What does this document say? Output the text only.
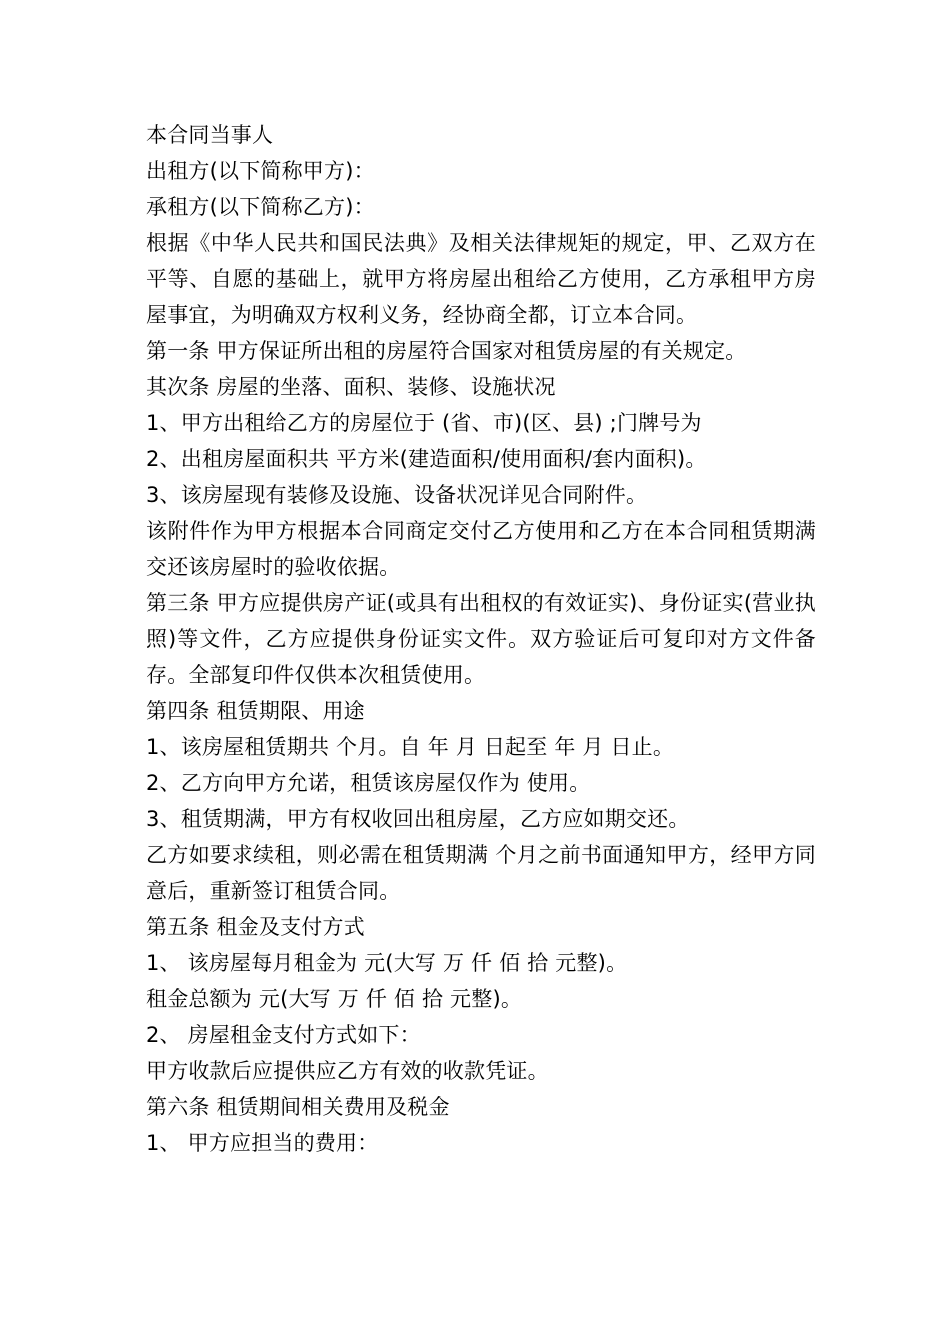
本合同当事人

出租方(以下简称甲方)：

承租方(以下简称乙方)：

根据《中华人民共和国民法典》及相关法律规矩的规定，甲、乙双方在平等、自愿的基础上，就甲方将房屋出租给乙方使用，乙方承租甲方房屋事宜，为明确双方权利义务，经协商全都，订立本合同。

第一条 甲方保证所出租的房屋符合国家对租赁房屋的有关规定。

其次条 房屋的坐落、面积、装修、设施状况

1、甲方出租给乙方的房屋位于 (省、市)(区、县) ;门牌号为

2、出租房屋面积共 平方米(建造面积/使用面积/套内面积)。

3、该房屋现有装修及设施、设备状况详见合同附件。

该附件作为甲方根据本合同商定交付乙方使用和乙方在本合同租赁期满交还该房屋时的验收依据。

第三条 甲方应提供房产证(或具有出租权的有效证实)、身份证实(营业执照)等文件，乙方应提供身份证实文件。双方验证后可复印对方文件备存。全部复印件仅供本次租赁使用。

第四条 租赁期限、用途

1、该房屋租赁期共 个月。自 年 月 日起至 年 月 日止。

2、乙方向甲方允诺，租赁该房屋仅作为 使用。

3、租赁期满，甲方有权收回出租房屋，乙方应如期交还。

乙方如要求续租，则必需在租赁期满 个月之前书面通知甲方，经甲方同意后，重新签订租赁合同。

第五条 租金及支付方式

1、 该房屋每月租金为 元(大写 万 仟 佰 拾 元整)。

租金总额为 元(大写 万 仟 佰 拾 元整)。

2、 房屋租金支付方式如下：

甲方收款后应提供应乙方有效的收款凭证。

第六条 租赁期间相关费用及税金

1、 甲方应担当的费用：
